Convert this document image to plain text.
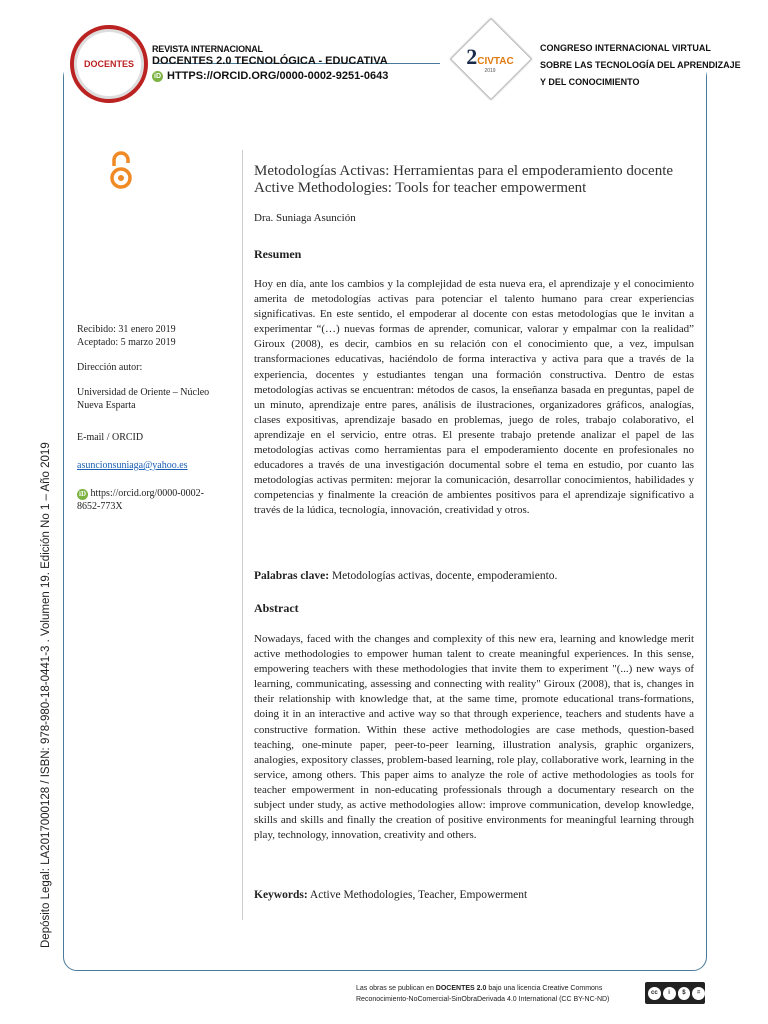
DOCENTES
REVISTA INTERNACIONAL
DOCENTES 2.0 TECNOLÓGICA - EDUCATIVA
iD HTTPS://ORCID.ORG/0000-0002-9251-0643
2CIVTAC
2019
CONGRESO INTERNACIONAL VIRTUAL
SOBRE LAS TECNOLOGÍA DEL APRENDIZAJE
Y DEL CONOCIMIENTO
Recibido: 31 enero 2019
Aceptado: 5 marzo 2019
Dirección autor:
Universidad de Oriente – Núcleo Nueva Esparta
E-mail / ORCID
asuncionsuniaga@yahoo.es
iD https://orcid.org/0000-0002-8652-773X
Depósito Legal: LA2017000128 / ISBN: 978-980-18-0441-3 . Volumen 19. Edición No 1 – Año 2019
Metodologías Activas: Herramientas para el empoderamiento docente
Active Methodologies: Tools for teacher empowerment
Dra. Suniaga Asunción
Resumen
Hoy en día, ante los cambios y la complejidad de esta nueva era, el aprendizaje y el conocimiento amerita de metodologías activas para potenciar el talento humano para crear experiencias significativas. En este sentido, el empoderar al docente con estas metodologías que le invitan a experimentar “(…) nuevas formas de aprender, comunicar, valorar y empalmar con la realidad” Giroux (2008), es decir, cambios en su relación con el conocimiento que, a vez, impulsan transformaciones educativas, haciéndolo de forma interactiva y activa para que a través de la experiencia, docentes y estudiantes tengan una formación constructiva. Dentro de estas metodologías activas se encuentran: métodos de casos, la enseñanza basada en preguntas, papel de un minuto, aprendizaje entre pares, análisis de ilustraciones, organizadores gráficos, analogías, clases expositivas, aprendizaje basado en problemas, juego de roles, trabajo colaborativo, el aprendizaje en el servicio, entre otras. El presente trabajo pretende analizar el papel de las metodologías activas como herramientas para el empoderamiento docente en profesionales no educadores a través de una investigación documental sobre el tema en estudio, por cuanto las metodologías activas permiten: mejorar la comunicación, desarrollar conocimientos, habilidades y competencias y finalmente la creación de ambientes positivos para el aprendizaje significativo a través de la lúdica, tecnología, innovación, creatividad y otros.
Palabras clave: Metodologías activas, docente, empoderamiento.
Abstract
Nowadays, faced with the changes and complexity of this new era, learning and knowledge merit active methodologies to empower human talent to create meaningful experiences. In this sense, empowering teachers with these methodologies that invite them to experiment "(...) new ways of learning, communicating, assessing and connecting with reality" Giroux (2008), that is, changes in their relationship with knowledge that, at the same time, promote educational trans-formations, doing it in an interactive and active way so that through experience, teachers and students have a constructive formation. Within these active methodologies are case methods, question-based teaching, one-minute paper, peer-to-peer learning, illustration analysis, graphic organizers, analogies, expository classes, problem-based learning, role play, collaborative work, learning in the service, among others. This paper aims to analyze the role of active methodologies as tools for teacher empowerment in non-educating professionals through a documentary research on the subject under study, as active methodologies allow: improve communication, develop knowledge, skills and skills and finally the creation of positive environments for meaningful learning through play, technology, innovation, creativity and others.
Keywords: Active Methodologies, Teacher, Empowerment
Las obras se publican en DOCENTES 2.0 bajo una licencia Creative Commons
Reconocimiento-NoComercial-SinObraDerivada 4.0 International (CC BY-NC-ND)
cc	i	$	=
